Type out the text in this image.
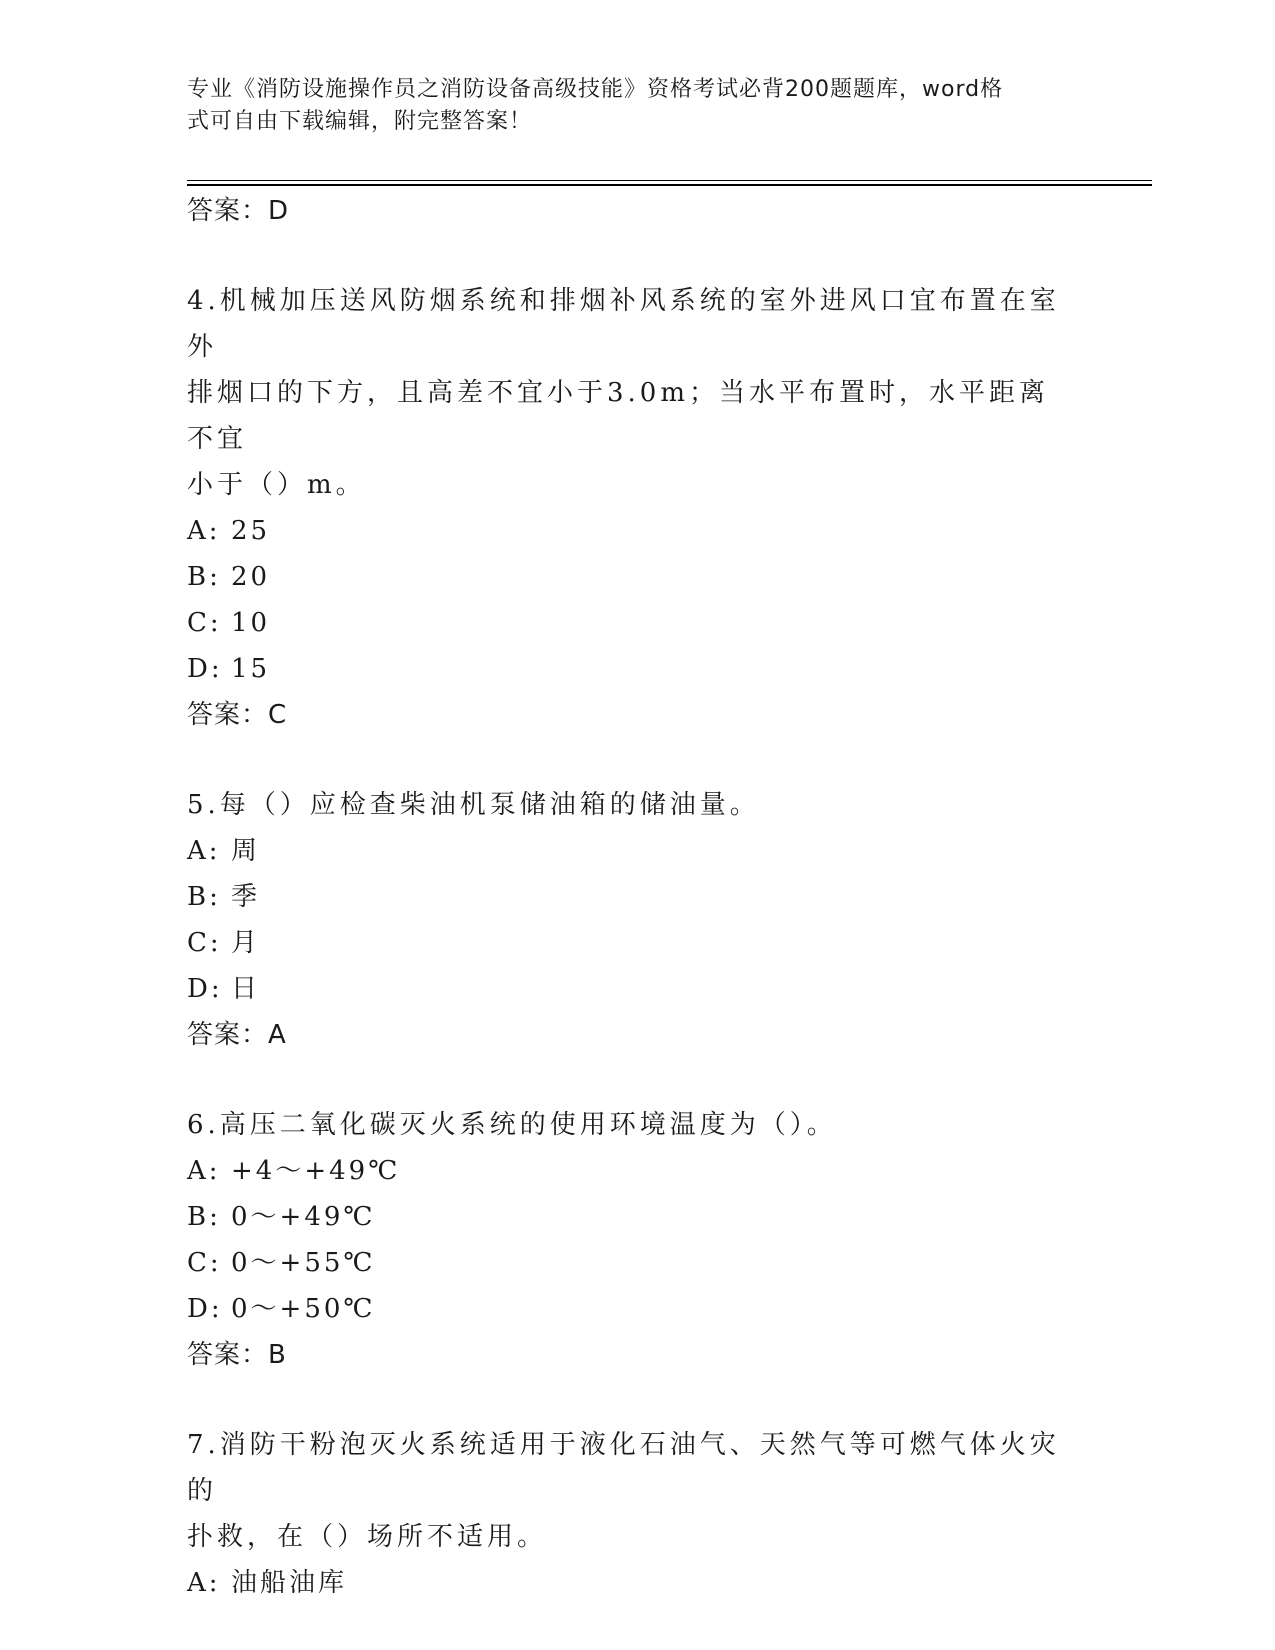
专业《消防设施操作员之消防设备高级技能》资格考试必背200题题库，word格
式可自由下载编辑，附完整答案！
答案：D
4.机械加压送风防烟系统和排烟补风系统的室外进风口宜布置在室外
排烟口的下方，且高差不宜小于3.0m；当水平布置时，水平距离不宜
小于（）m。
A: 25
B: 20
C: 10
D: 15
答案：C
5.每（）应检查柴油机泵储油箱的储油量。
A: 周
B: 季
C: 月
D: 日
答案：A
6.高压二氧化碳灭火系统的使用环境温度为（）。
A: +4～+49℃
B: 0～+49℃
C: 0～+55℃
D: 0～+50℃
答案：B
7.消防干粉泡灭火系统适用于液化石油气、天然气等可燃气体火灾的
扑救，在（）场所不适用。
A: 油船油库
